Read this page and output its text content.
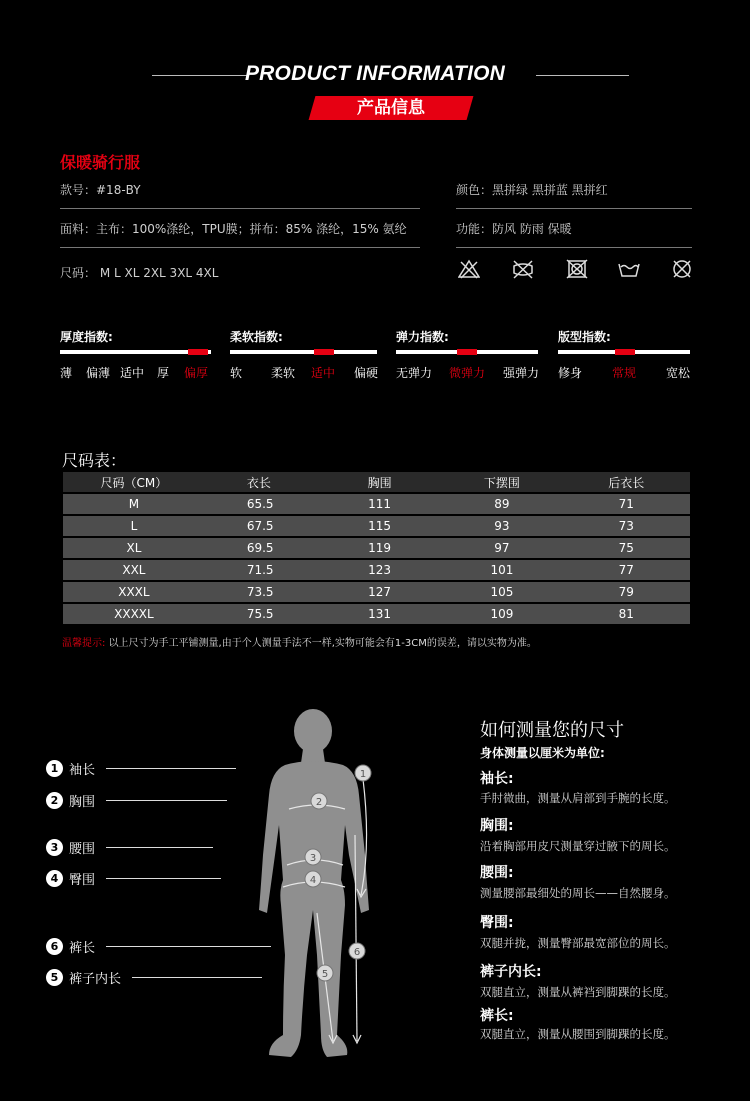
PRODUCT INFORMATION
产品信息
保暖骑行服
款号：#18-BY	颜色：黑拼绿 黑拼蓝 黑拼红
面料：主布：100%涤纶，TPU膜；拼布：85% 涤纶，15% 氨纶	功能：防风 防雨 保暖
尺码： M L XL 2XL 3XL 4XL
厚度指数:
薄 偏薄 适中 厚 偏厚
柔软指数:
软 柔软 适中 偏硬
弹力指数:
无弹力 微弹力 强弹力
版型指数:
修身 常规 宽松
尺码表：
尺码（CM）	衣长	胸围	下摆围	后衣长
M	65.5	111	89	71
L	67.5	115	93	73
XL	69.5	119	97	75
XXL	71.5	123	101	77
XXXL	73.5	127	105	79
XXXXL	75.5	131	109	81
温馨提示: 以上尺寸为手工平铺测量,由于个人测量手法不一样,实物可能会有1-3CM的误差，请以实物为准。
1 袖长
2 胸围
3 腰围
4 臀围
6 裤长
5 裤子内长
1
2
3
4
5
6
如何测量您的尺寸
身体测量以厘米为单位:
袖长:
手肘微曲，测量从肩部到手腕的长度。
胸围:
沿着胸部用皮尺测量穿过腋下的周长。
腰围:
测量腰部最细处的周长——自然腰身。
臀围:
双腿并拢，测量臀部最宽部位的周长。
裤子内长:
双腿直立，测量从裤裆到脚踝的长度。
裤长:
双腿直立，测量从腰围到脚踝的长度。
